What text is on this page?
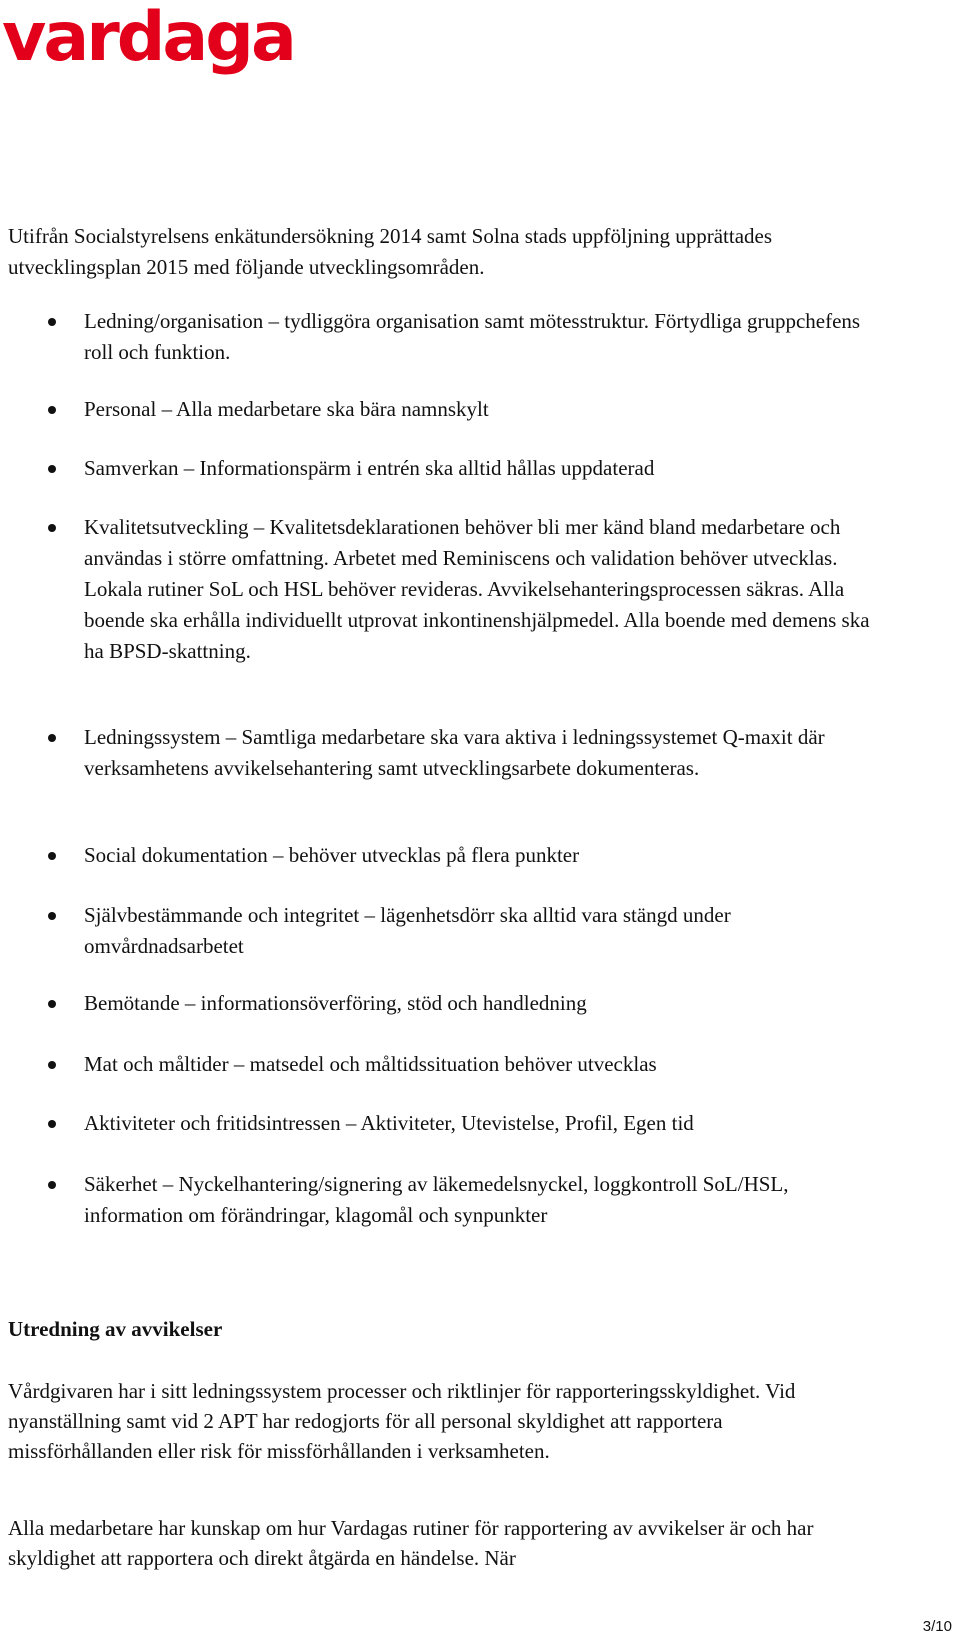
vardaga

Utifrån Socialstyrelsens enkätundersökning 2014 samt Solna stads uppföljning upprättades utvecklingsplan 2015 med följande utvecklingsområden.

Ledning/organisation – tydliggöra organisation samt mötesstruktur. Förtydliga gruppchefens roll och funktion.
Personal – Alla medarbetare ska bära namnskylt
Samverkan – Informationspärm i entrén ska alltid hållas uppdaterad
Kvalitetsutveckling – Kvalitetsdeklarationen behöver bli mer känd bland medarbetare och användas i större omfattning. Arbetet med Reminiscens och validation behöver utvecklas. Lokala rutiner SoL och HSL behöver revideras. Avvikelsehanteringsprocessen säkras. Alla boende ska erhålla individuellt utprovat inkontinenshjälpmedel. Alla boende med demens ska ha BPSD-skattning.
Ledningssystem – Samtliga medarbetare ska vara aktiva i ledningssystemet Q-maxit där verksamhetens avvikelsehantering samt utvecklingsarbete dokumenteras.
Social dokumentation – behöver utvecklas på flera punkter
Självbestämmande och integritet – lägenhetsdörr ska alltid vara stängd under omvårdnadsarbetet
Bemötande – informationsöverföring, stöd och handledning
Mat och måltider – matsedel och måltidssituation behöver utvecklas
Aktiviteter och fritidsintressen – Aktiviteter, Utevistelse, Profil, Egen tid
Säkerhet – Nyckelhantering/signering av läkemedelsnyckel, loggkontroll SoL/HSL, information om förändringar, klagomål och synpunkter
Utredning av avvikelser

Vårdgivaren har i sitt ledningssystem processer och riktlinjer för rapporteringsskyldighet. Vid nyanställning samt vid 2 APT har redogjorts för all personal skyldighet att rapportera missförhållanden eller risk för missförhållanden i verksamheten.

Alla medarbetare har kunskap om hur Vardagas rutiner för rapportering av avvikelser är och har skyldighet att rapportera och direkt åtgärda en händelse. När

3/10
